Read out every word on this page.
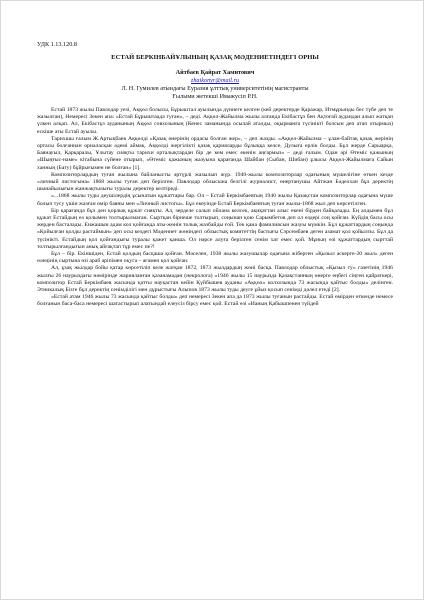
УДК 1.13.120.8
ЕСТАЙ БЕРКІНБАЙҰЛЫНЫҢ ҚАЗАҚ МӘДЕНИЕТІНДЕГІ ОРНЫ
Айтбаев Қайрат Хамитович
zhaikonyr@mail.ru
Л. Н. Гумилев атындағы Еуразия ұлттық университетінің магистранты
Ғылыми жетекші Имажусіп Р.Н.

Естай 1873 жылы Павлодар уезі, Аққөл болысы, Бұрыштал ауылында дүниеге келген (кей деректерде Қаражар, Итмұрынды бес түбе деп те жазылған), Немересі Зекен апа: «Естай Бұрыштаада туған», – деді. Аққөл-Жайылма жылы алғанда Екібастұз бен Ақтоғай аудандан алып жатқан үлкен алқап. Ал, Екібастұз ауданының Аққөл совхозының (Кенес заманында осылай аталды, оқырманға түсінікті болсын деп атап отырмыз) ескіше аты Естай ауылы.

Тарихшы ғалым Ж.Артықбаев Аққөлді «Қазақ өнерінің ордасы болған жер», – деп жазды. «Аққөл-Жайылма – ұлан-байтақ қазақ жерінің ортасы болғаннан орналасқан әдемі аймақ. Аққөлді жергілікті қазақ қарияларды бұлыққа келсе, Дулыға ерлік болды. Бұл жерде Сарыарқа, Баянауыл, Қарқаралы, Ұлытау сияқты тарихи орталықтардан бір де кем емес екенін аңғармыз» – деді ғалым. Одан әрі Өтеміс қажының «Шыңғыс-наме» кітабына сүйене отырып, «Өтеміс қажының жазуына қарағанда Шайбан (Сыбан, Шибан) ұлысы Аққөл-Жайылмаға Сайын ханның (Бату) бұйрығымен не болған» [1].

Композиторлардың туған жылына байланысты әртүрлі жазылып жүр. 1940-жылы композиторлар одағының мүшелігіне өткен кезде «личный листогына» 1868 жылы туған деп берілген. Павлодар облысына белгілі журналист, өнертанушы Айтжан Бәделхан бұл деректің шынайылығын жанжақтылығы туралы деректер келтіреді.

«...1868 жылы туды деушілердің ұсынатын құжаттары бар. Ол – Естай Беркімбаевтың 1940 жылы Қазақстан композиторлар одағына мүше болып тусу үшін жазған өмір баяны мен «Личный листогы». Бұл екеуінде Естай Беркімбаевтың туған жылы-1868 жыл деп көрсетілген.

Бір қарағанда бұл ден қорлық құжат сияқты. Ал, зерделе салып ойлана келсек, ақиқаттан алыс екені бірден байқалады. Ең алдымен бұл құжат Естайдың өз қолымен толтырылмаған. Сыртқан бірнеше толтырып, соңынан қою Сарымбетов деп ол өздері соң қойған. Күйдің басы осы жерден басталады. Енжашын адам кол қойғанда аты-жөнін толық жазбайды ғой. Тек қана фамилиясын жазуы мүмкін. Бұл құжаттардың соңында «Қойылған қолды растаймын» деп осы кездегі Мәдениет жөніндегі облыстық комитеттің бастығы Сэрсембаев деген азамат қол қойылты. Бұл да түсінікті. Естайдың қол қойғандығы туралы қажет қанша. Ол нәрсе алуға берілген сенім хат емес қой. Мұның өзі құжаттардың сырттай толтырылғандығын анық айғақтап тұр емес пе?!

Бұл – бір. Екіншіден, Естай қолдың басқаша қойған. Мәселен, 1938 жылы жазушылар одағына жіберген «Қызыл әскерге-20 жыл» деген өлеңінің сыртына өзі араб әріпімен оқуга – ағамен қол қойған.

Ал, ұзақ жылдар бойы қатар көрсетіліп келе жатқан 1872, 1873 жылдардың жөні басқа. Павлодар облыстық «Қызыл ту» газетінің 1946 жылғы 26 наурыздағы нөмірінде жарияланған қазанамадан (некролога) «1946 жылы 15 наурызда Қазақстанның өнерге еңбегі сіңген қайраткері, композитор Естай Беркімбаев жасында қатты науқастан кейін Қүйбышев ауданы «Аққөл» колхозында 73 жасында қайтыс болды» делінген. Этникалық Бізге бұл деректің сенімділігі мен дұрыстығы Алыпов 1873 жылы туды деуге ұйыз қосып сенімді дәлел етеді [2].

«Естай атам 1946 жылы 73 жасында қайтыс болды» деп немересі Зекен апа да 1873 жылы туғанын растайды. Естай өмірден өткенде немесе болғанын баса-баса немересі шатастырып алатындай елеусіз бірсу емес қой. Естай өзі «Ианың Қабышпенен түйдей
